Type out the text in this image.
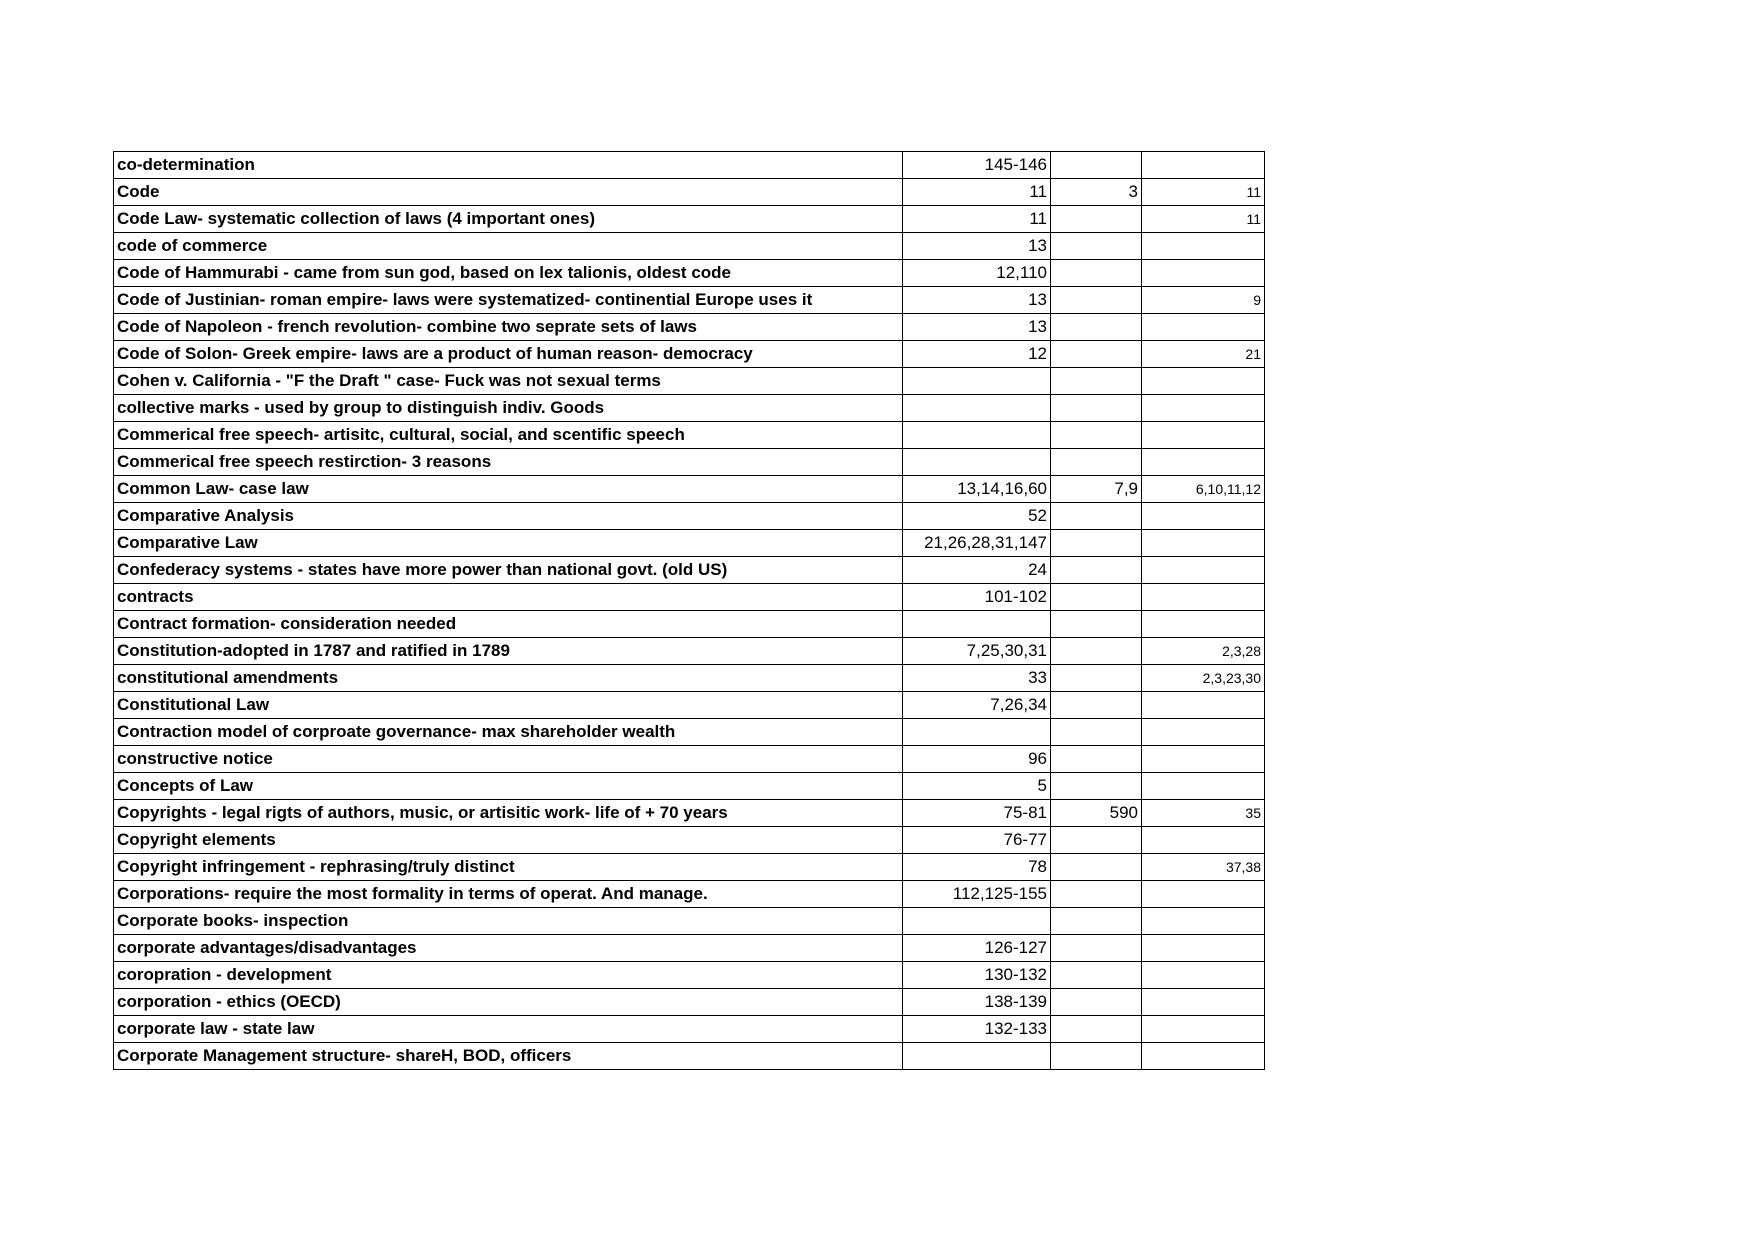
co-determination	145-146		
Code	11	3	11
Code Law- systematic collection of laws (4 important ones)	11		11
code of commerce	13		
Code of Hammurabi - came from sun god, based on lex talionis, oldest code	12,110		
Code of Justinian- roman empire- laws were systematized- continential Europe uses it	13		9
Code of Napoleon - french revolution- combine two seprate sets of laws	13		
Code of Solon- Greek empire- laws are a product of human reason- democracy	12		21
Cohen v. California - "F the Draft " case- Fuck was not sexual terms			
collective marks - used by group to distinguish indiv. Goods			
Commerical free speech- artisitc, cultural, social, and scentific speech			
Commerical free speech restirction- 3 reasons			
Common Law- case law	13,14,16,60	7,9	6,10,11,12
Comparative Analysis	52		
Comparative Law	21,26,28,31,147		
Confederacy systems - states have more power than national govt. (old US)	24		
contracts	101-102		
Contract formation- consideration needed			
Constitution-adopted in 1787 and ratified in 1789	7,25,30,31		2,3,28
constitutional amendments	33		2,3,23,30
Constitutional Law	7,26,34		
Contraction model of corproate governance- max shareholder wealth			
constructive notice	96		
Concepts of Law	5		
Copyrights - legal rigts of authors, music, or artisitic work- life of + 70 years	75-81	590	35
Copyright elements	76-77		
Copyright infringement - rephrasing/truly distinct	78		37,38
Corporations- require the most formality in terms of operat. And manage.	112,125-155		
Corporate books- inspection			
corporate advantages/disadvantages	126-127		
coropration - development	130-132		
corporation - ethics (OECD)	138-139		
corporate law - state law	132-133		
Corporate Management structure- shareH, BOD, officers			
